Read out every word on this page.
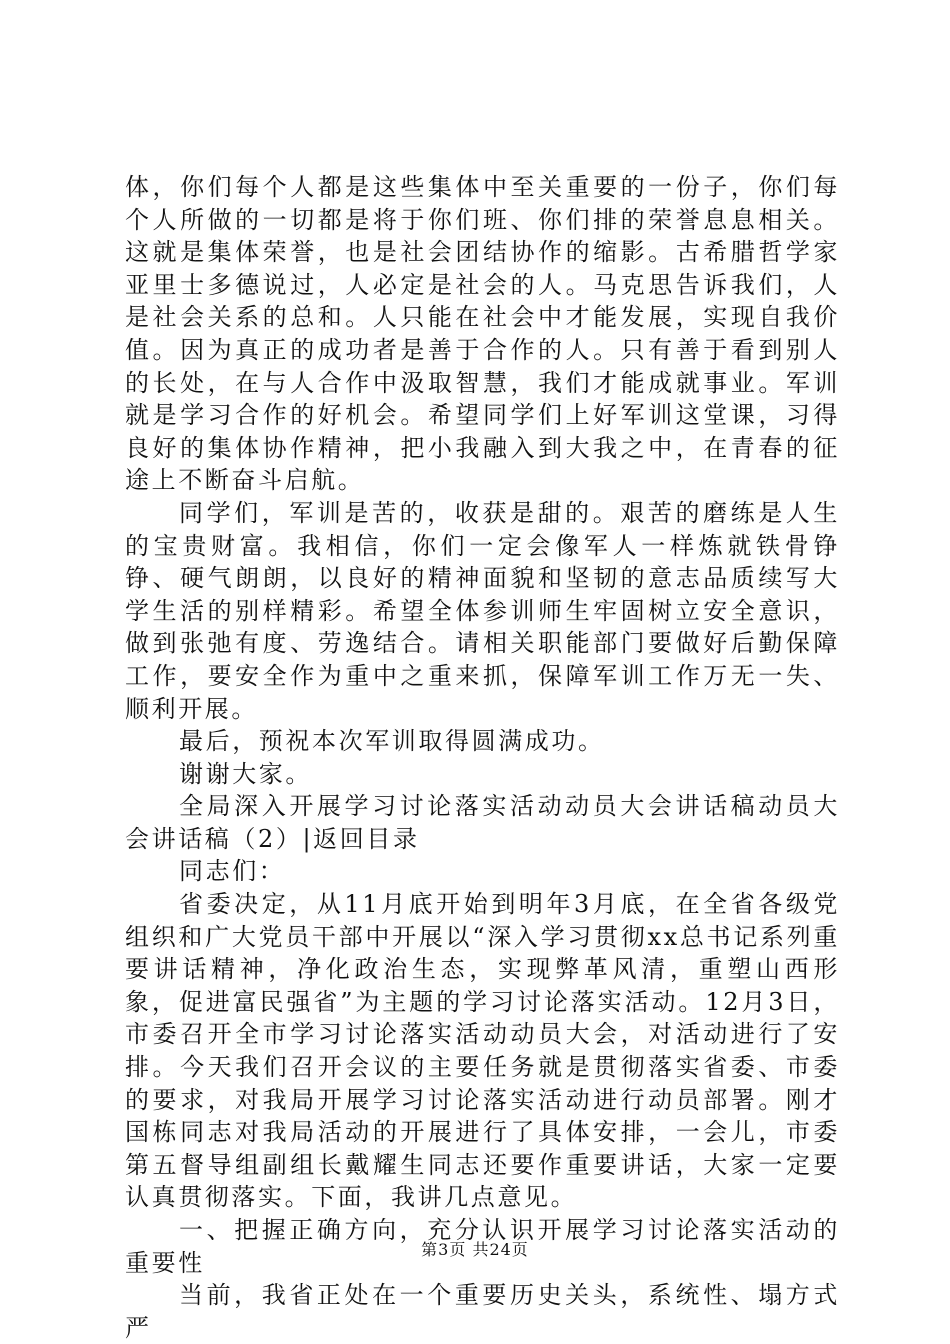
体，你们每个人都是这些集体中至关重要的一份子，你们每个人所做的一切都是将于你们班、你们排的荣誉息息相关。这就是集体荣誉，也是社会团结协作的缩影。古希腊哲学家亚里士多德说过，人必定是社会的人。马克思告诉我们，人是社会关系的总和。人只能在社会中才能发展，实现自我价值。因为真正的成功者是善于合作的人。只有善于看到别人的长处，在与人合作中汲取智慧，我们才能成就事业。军训就是学习合作的好机会。希望同学们上好军训这堂课，习得良好的集体协作精神，把小我融入到大我之中，在青春的征途上不断奋斗启航。

同学们，军训是苦的，收获是甜的。艰苦的磨练是人生的宝贵财富。我相信，你们一定会像军人一样炼就铁骨铮铮、硬气朗朗，以良好的精神面貌和坚韧的意志品质续写大学生活的别样精彩。希望全体参训师生牢固树立安全意识，做到张弛有度、劳逸结合。请相关职能部门要做好后勤保障工作，要安全作为重中之重来抓，保障军训工作万无一失、顺利开展。

最后，预祝本次军训取得圆满成功。

谢谢大家。

全局深入开展学习讨论落实活动动员大会讲话稿动员大会讲话稿（2）|返回目录

同志们：

省委决定，从11月底开始到明年3月底，在全省各级党组织和广大党员干部中开展以“深入学习贯彻xx总书记系列重要讲话精神，净化政治生态，实现弊革风清，重塑山西形象，促进富民强省”为主题的学习讨论落实活动。12月3日，市委召开全市学习讨论落实活动动员大会，对活动进行了安排。今天我们召开会议的主要任务就是贯彻落实省委、市委的要求，对我局开展学习讨论落实活动进行动员部署。刚才国栋同志对我局活动的开展进行了具体安排，一会儿，市委第五督导组副组长戴耀生同志还要作重要讲话，大家一定要认真贯彻落实。下面，我讲几点意见。

一、把握正确方向，充分认识开展学习讨论落实活动的重要性

当前，我省正处在一个重要历史关头，系统性、塌方式严

第3页 共24页
